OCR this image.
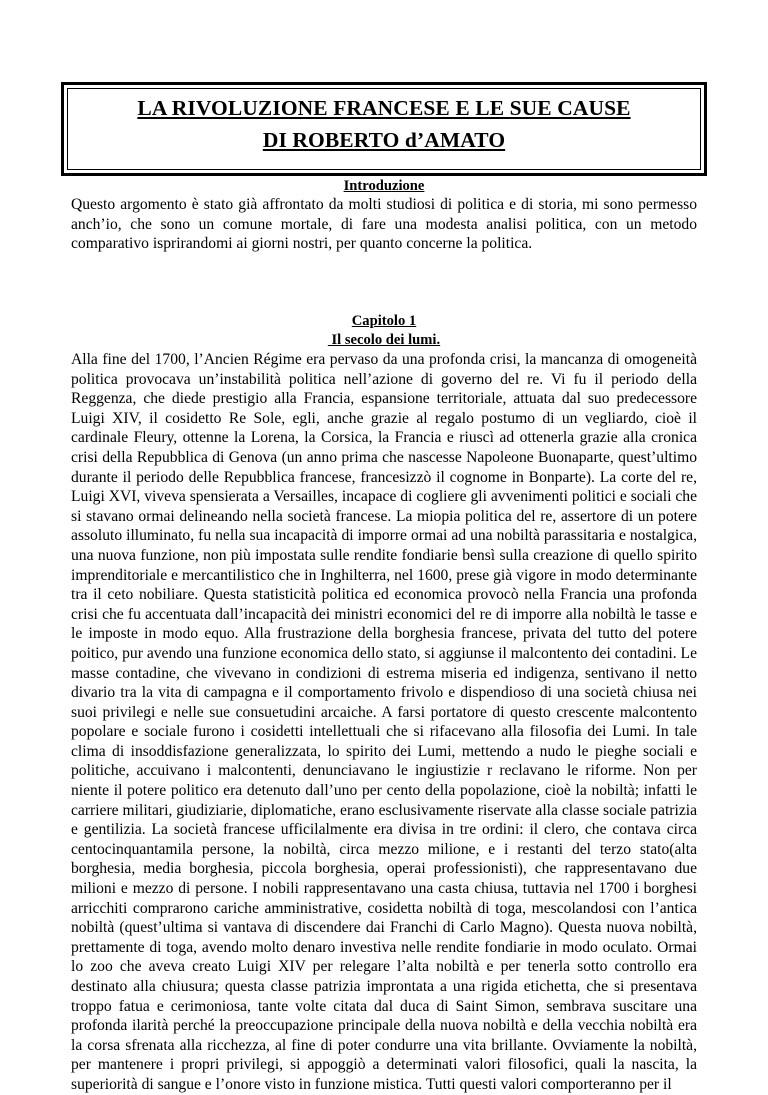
LA RIVOLUZIONE FRANCESE E LE SUE CAUSE
DI ROBERTO d’AMATO
Introduzione

Questo argomento è stato già affrontato da molti studiosi di politica e di storia, mi sono permesso anch’io, che sono un comune mortale, di fare una modesta analisi politica, con un metodo comparativo isprirandomi ai giorni nostri, per quanto concerne la politica.

Capitolo 1
Il secolo dei lumi.

Alla fine del 1700, l’Ancien Régime era pervaso da una profonda crisi, la mancanza di omogeneità politica provocava un’instabilità politica nell’azione di governo del re. Vi fu il periodo della Reggenza, che diede prestigio alla Francia, espansione territoriale, attuata dal suo predecessore Luigi XIV, il cosidetto Re Sole, egli, anche grazie al regalo postumo di un vegliardo, cioè il cardinale Fleury, ottenne la Lorena, la Corsica, la Francia e riuscì ad ottenerla grazie alla cronica crisi della Repubblica di Genova (un anno prima che nascesse Napoleone Buonaparte, quest’ultimo durante il periodo delle Repubblica francese, francesizzò il cognome in Bonparte). La corte del re, Luigi XVI, viveva spensierata a Versailles, incapace di cogliere gli avvenimenti politici e sociali che si stavano ormai delineando nella società francese. La miopia politica del re, assertore di un potere assoluto illuminato, fu nella sua incapacità di imporre ormai ad una nobiltà parassitaria e nostalgica, una nuova funzione, non più impostata sulle rendite fondiarie bensì sulla creazione di quello spirito imprenditoriale e mercantilistico che in Inghilterra, nel 1600, prese già vigore in modo determinante tra il ceto nobiliare. Questa statisticità politica ed economica provocò nella Francia una profonda crisi che fu accentuata dall’incapacità dei ministri economici del re di imporre alla nobiltà le tasse e le imposte in modo equo. Alla frustrazione della borghesia francese, privata del tutto del potere poitico, pur avendo una funzione economica dello stato, si aggiunse il malcontento dei contadini. Le masse contadine, che vivevano in condizioni di estrema miseria ed indigenza, sentivano il netto divario tra la vita di campagna e il comportamento frivolo e dispendioso di una società chiusa nei suoi privilegi e nelle sue consuetudini arcaiche. A farsi portatore di questo crescente malcontento popolare e sociale furono i cosidetti intellettuali che si rifacevano alla filosofia dei Lumi. In tale clima di insoddisfazione generalizzata, lo spirito dei Lumi, mettendo a nudo le pieghe sociali e politiche, accuivano i malcontenti, denunciavano le ingiustizie r reclavano le riforme. Non per niente il potere politico era detenuto dall’uno per cento della popolazione, cioè la nobiltà; infatti le carriere militari, giudiziarie, diplomatiche, erano esclusivamente riservate alla classe sociale patrizia e gentilizia. La società francese ufficilalmente era divisa in tre ordini: il clero, che contava circa centocinquantamila persone, la nobiltà, circa mezzo milione, e i restanti del terzo stato(alta borghesia, media borghesia, piccola borghesia, operai professionisti), che rappresentavano due milioni e mezzo di persone. I nobili rappresentavano una casta chiusa, tuttavia nel 1700 i borghesi arricchiti comprarono cariche amministrative, cosidetta nobiltà di toga, mescolandosi con l’antica nobiltà (quest’ultima si vantava di discendere dai Franchi di Carlo Magno). Questa nuova nobiltà, prettamente di toga, avendo molto denaro investiva nelle rendite fondiarie in modo oculato. Ormai lo zoo che aveva creato Luigi XIV per relegare l’alta nobiltà e per tenerla sotto controllo era destinato alla chiusura; questa classe patrizia improntata a una rigida etichetta, che si presentava troppo fatua e cerimoniosa, tante volte citata dal duca di Saint Simon, sembrava suscitare una profonda ilarità perché la preoccupazione principale della nuova nobiltà e della vecchia nobiltà era la corsa sfrenata alla ricchezza, al fine di poter condurre una vita brillante. Ovviamente la nobiltà, per mantenere i propri privilegi, si appoggiò a determinati valori filosofici, quali la nascita, la superiorità di sangue e l’onore visto in funzione mistica. Tutti questi valori comporteranno per il
